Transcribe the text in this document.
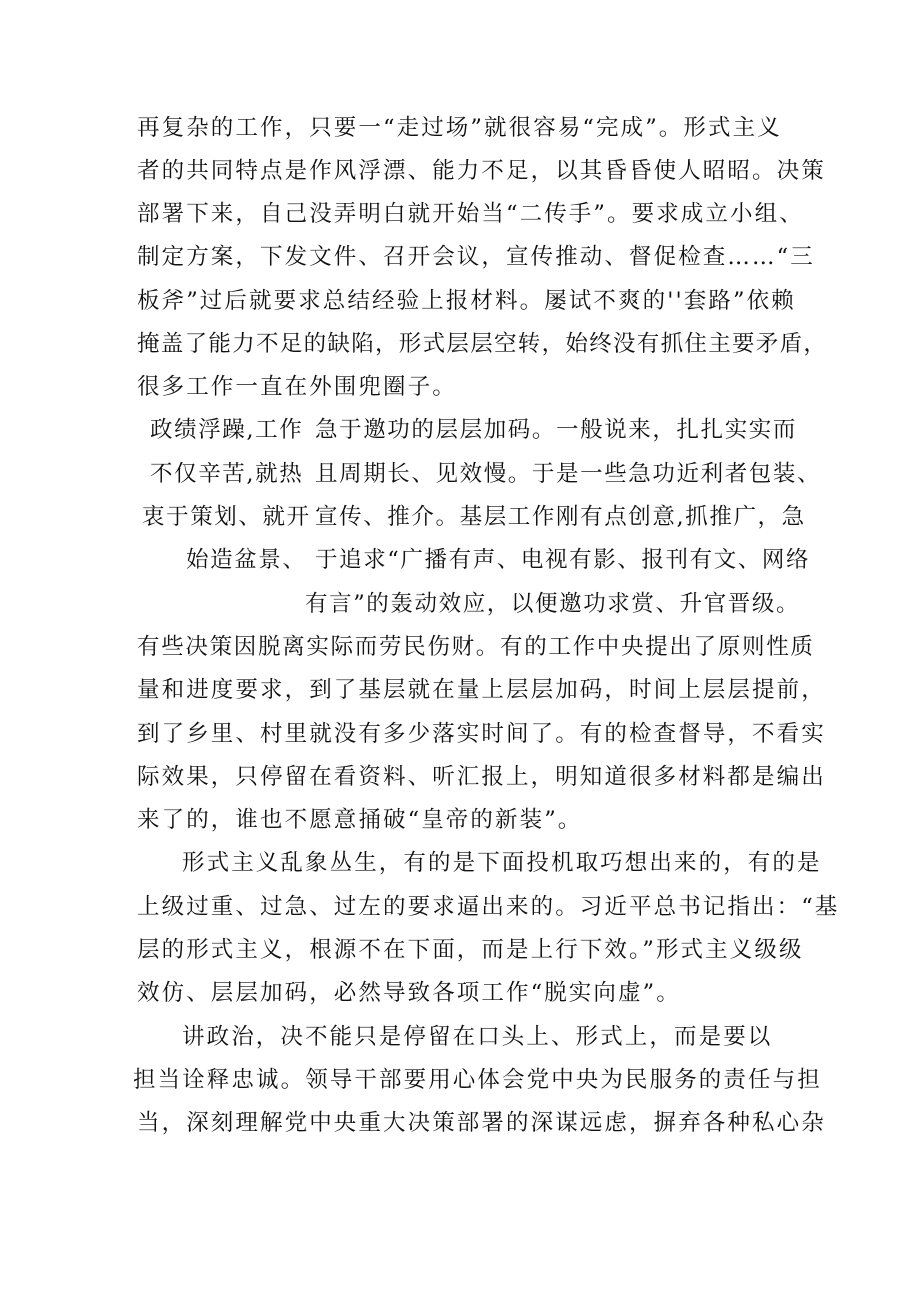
再复杂的工作，只要一“走过场”就很容易“完成”。形式主义
者的共同特点是作风浮漂、能力不足，以其昏昏使人昭昭。决策
部署下来，自己没弄明白就开始当“二传手”。要求成立小组、
制定方案，下发文件、召开会议，宣传推动、督促检查……“三
板斧”过后就要求总结经验上报材料。屡试不爽的''套路”依赖
掩盖了能力不足的缺陷，形式层层空转，始终没有抓住主要矛盾，
很多工作一直在外围兜圈子。
政绩浮躁,工作
不仅辛苦,就热
衷于策划、就开
始造盆景、
急于邀功的层层加码。一般说来，扎扎实实而
且周期长、见效慢。于是一些急功近利者包装、
宣传、推介。基层工作刚有点创意,抓推广，急
于追求“广播有声、电视有影、报刊有文、网络
有言”的轰动效应，以便邀功求赏、升官晋级。
有些决策因脱离实际而劳民伤财。有的工作中央提出了原则性质
量和进度要求，到了基层就在量上层层加码，时间上层层提前，
到了乡里、村里就没有多少落实时间了。有的检查督导，不看实
际效果，只停留在看资料、听汇报上，明知道很多材料都是编出
来了的，谁也不愿意捅破“皇帝的新装”。
形式主义乱象丛生，有的是下面投机取巧想出来的，有的是
上级过重、过急、过左的要求逼出来的。习近平总书记指出：“基
层的形式主义，根源不在下面，而是上行下效。”形式主义级级
效仿、层层加码，必然导致各项工作“脱实向虚”。
讲政治，决不能只是停留在口头上、形式上，而是要以
担当诠释忠诚。领导干部要用心体会党中央为民服务的责任与担
当，深刻理解党中央重大决策部署的深谋远虑，摒弃各种私心杂
